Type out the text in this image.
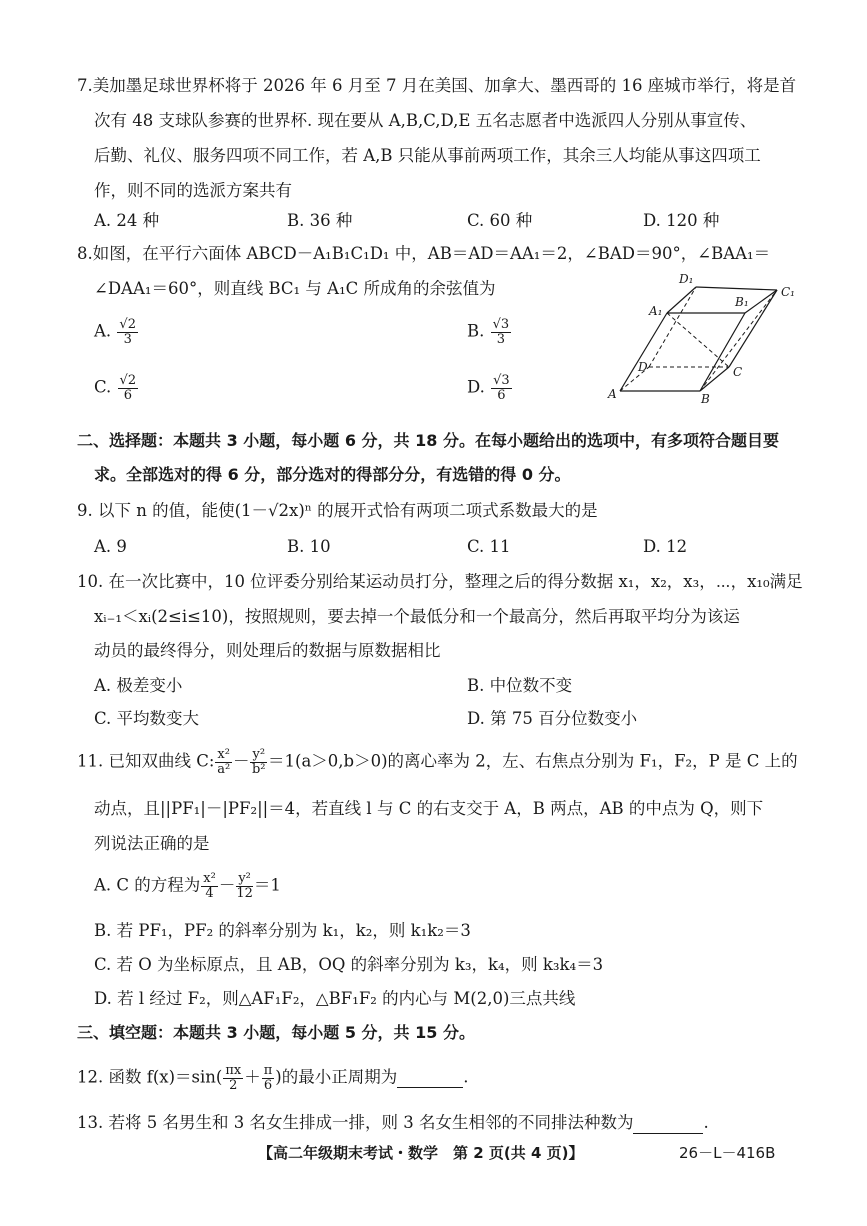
7.美加墨足球世界杯将于 2026 年 6 月至 7 月在美国、加拿大、墨西哥的 16 座城市举行，将是首
次有 48 支球队参赛的世界杯. 现在要从 A,B,C,D,E 五名志愿者中选派四人分别从事宣传、
后勤、礼仪、服务四项不同工作，若 A,B 只能从事前两项工作，其余三人均能从事这四项工
作，则不同的选派方案共有
A. 24 种	B. 36 种	C. 60 种	D. 120 种
8.如图，在平行六面体 ABCD－A₁B₁C₁D₁ 中，AB＝AD＝AA₁＝2，∠BAD＝90°，∠BAA₁＝
∠DAA₁＝60°，则直线 BC₁ 与 A₁C 所成角的余弦值为
A. $\frac{√2}{3}$	B. $\frac{√3}{3}$
C. $\frac{√2}{6}$	D. $\frac{√3}{6}$
D₁
C₁
A₁
B₁
D	C
A	B
二、选择题：本题共 3 小题，每小题 6 分，共 18 分。在每小题给出的选项中，有多项符合题目要
求。全部选对的得 6 分，部分选对的得部分分，有选错的得 0 分。
9. 以下 n 的值，能使(1－√2x)ⁿ 的展开式恰有两项二项式系数最大的是
A. 9	B. 10	C. 11	D. 12
10. 在一次比赛中，10 位评委分别给某运动员打分，整理之后的得分数据 x₁，x₂，x₃，⋯，x₁₀满足
xᵢ₋₁＜xᵢ(2≤i≤10)，按照规则，要去掉一个最低分和一个最高分，然后再取平均分为该运
动员的最终得分，则处理后的数据与原数据相比
A. 极差变小	B. 中位数不变
C. 平均数变大	D. 第 75 百分位数变小
11. 已知双曲线 C: $\frac{\text{x²}}{\text{a²}} - \frac{\text{y²}}{\text{b²}} =1(a>0,b>0)$的离心率为 2，左、右焦点分别为 F₁，F₂，P 是 C 上的
动点，且||PF₁|－|PF₂||＝4，若直线 l 与 C 的右支交于 A，B 两点，AB 的中点为 Q，则下
列说法正确的是
A. C 的方程为 $\frac{\text{x²}}{4} - \frac{\text{y²}}{12} =1$
B. 若 PF₁，PF₂ 的斜率分别为 k₁，k₂，则 k₁k₂＝3
C. 若 O 为坐标原点，且 AB，OQ 的斜率分别为 k₃，k₄，则 k₃k₄＝3
D. 若 l 经过 F₂，则△AF₁F₂，△BF₁F₂ 的内心与 M(2,0)三点共线
三、填空题：本题共 3 小题，每小题 5 分，共 15 分。
12. 函数 $f(x)=\sin( \frac{\pi x}{2} + \frac{\pi}{6}$ )的最小正周期为	.
13. 若将 5 名男生和 3 名女生排成一排，则 3 名女生相邻的不同排法种数为	.
【高二年级期末考试・数学　第 2 页(共 4 页)】	26－L－416B
